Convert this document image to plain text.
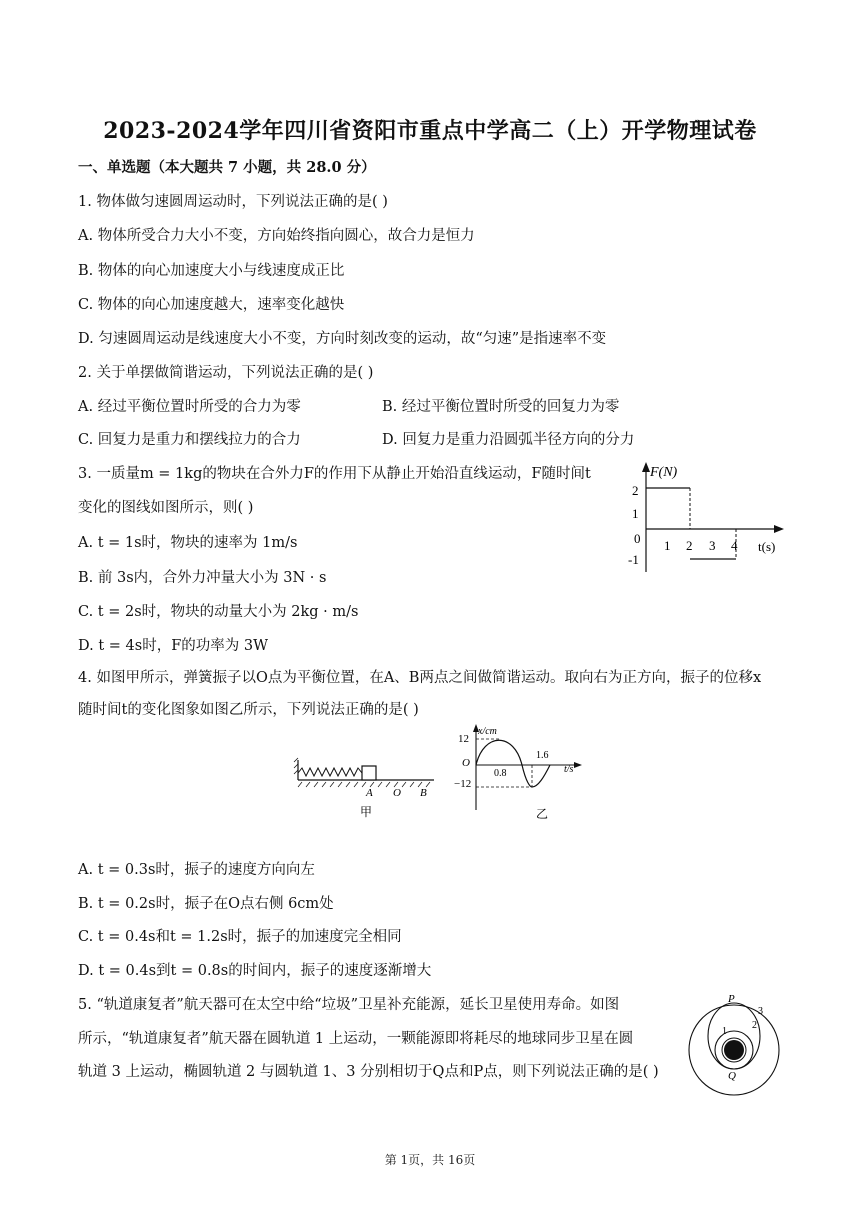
2023-2024学年四川省资阳市重点中学高二（上）开学物理试卷
一、单选题（本大题共 7 小题，共 28.0 分）
1. 物体做匀速圆周运动时，下列说法正确的是( )
A. 物体所受合力大小不变，方向始终指向圆心，故合力是恒力
B. 物体的向心加速度大小与线速度成正比
C. 物体的向心加速度越大，速率变化越快
D. 匀速圆周运动是线速度大小不变，方向时刻改变的运动，故“匀速”是指速率不变
2. 关于单摆做简谐运动，下列说法正确的是( )
A. 经过平衡位置时所受的合力为零	B. 经过平衡位置时所受的回复力为零
C. 回复力是重力和摆线拉力的合力	D. 回复力是重力沿圆弧半径方向的分力
3. 一质量m = 1kg的物块在合外力F的作用下从静止开始沿直线运动，F随时间t
变化的图线如图所示，则( )
A. t = 1s时，物块的速率为 1m/s
B. 前 3s内，合外力冲量大小为 3N · s
C. t = 2s时，物块的动量大小为 2kg · m/s
D. t = 4s时，F的功率为 3W
F(N)
t(s)
2
1
0
-1
1 2 3 4
4. 如图甲所示，弹簧振子以O点为平衡位置，在A、B两点之间做简谐运动。取向右为正方向，振子的位移x
随时间t的变化图象如图乙所示，下列说法正确的是( )
A O B
甲
x/cm
t/s
12
−12
O
0.8
1.6
乙
A. t = 0.3s时，振子的速度方向向左
B. t = 0.2s时，振子在O点右侧 6cm处
C. t = 0.4s和t = 1.2s时，振子的加速度完全相同
D. t = 0.4s到t = 0.8s的时间内，振子的速度逐渐增大
5. “轨道康复者”航天器可在太空中给“垃圾”卫星补充能源，延长卫星使用寿命。如图
所示，“轨道康复者”航天器在圆轨道 1 上运动，一颗能源即将耗尽的地球同步卫星在圆
轨道 3 上运动，椭圆轨道 2 与圆轨道 1、3 分别相切于Q点和P点，则下列说法正确的是( )
P
Q
1
2
3
第 1页，共 16页
